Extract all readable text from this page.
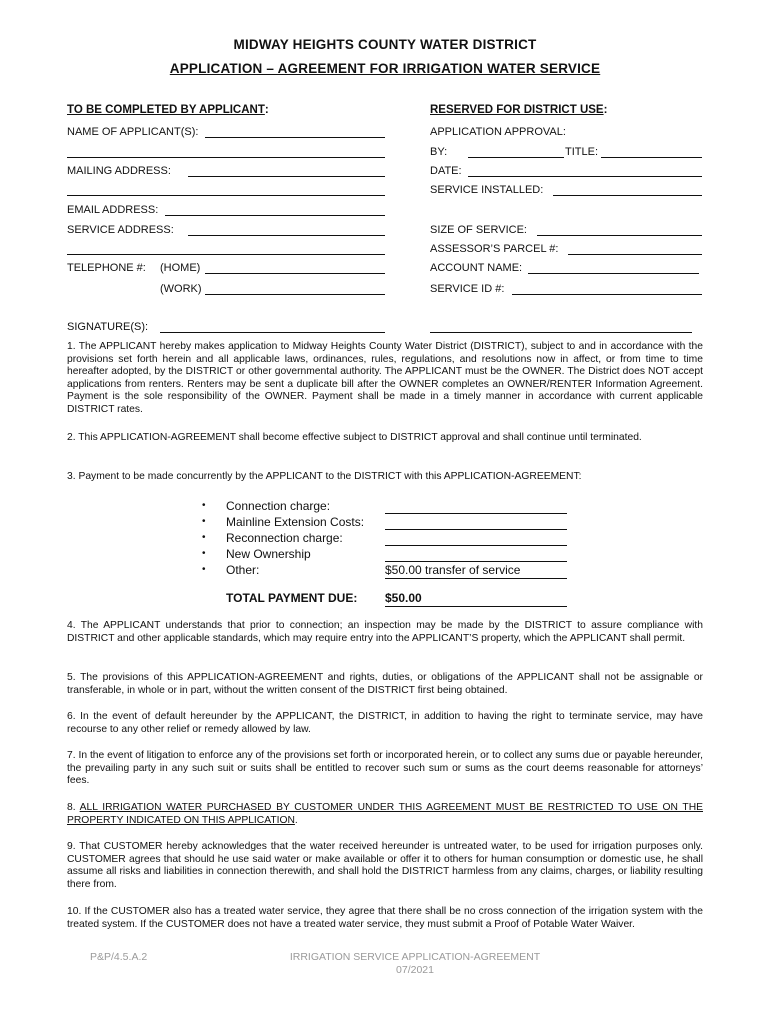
MIDWAY HEIGHTS COUNTY WATER DISTRICT
APPLICATION – AGREEMENT FOR IRRIGATION WATER SERVICE
TO BE COMPLETED BY APPLICANT:	RESERVED FOR DISTRICT USE:
NAME OF APPLICANT(S):
MAILING ADDRESS:
EMAIL ADDRESS:
SERVICE ADDRESS:
TELEPHONE #: (HOME)
(WORK)
SIGNATURE(S):
APPLICATION APPROVAL:
BY:	TITLE:
DATE:
SERVICE INSTALLED:
SIZE OF SERVICE:
ASSESSOR’S PARCEL #:
ACCOUNT NAME:
SERVICE ID #:
1. The APPLICANT hereby makes application to Midway Heights County Water District (DISTRICT), subject to and in accordance with the provisions set forth herein and all applicable laws, ordinances, rules, regulations, and resolutions now in affect, or from time to time hereafter adopted, by the DISTRICT or other governmental authority. The APPLICANT must be the OWNER. The District does NOT accept applications from renters. Renters may be sent a duplicate bill after the OWNER completes an OWNER/RENTER Information Agreement. Payment is the sole responsibility of the OWNER. Payment shall be made in a timely manner in accordance with current applicable DISTRICT rates.
2. This APPLICATION-AGREEMENT shall become effective subject to DISTRICT approval and shall continue until terminated.
3. Payment to be made concurrently by the APPLICANT to the DISTRICT with this APPLICATION-AGREEMENT:
• Connection charge:
• Mainline Extension Costs:
• Reconnection charge:
• New Ownership
• Other:	$50.00 transfer of service
TOTAL PAYMENT DUE: $50.00
4. The APPLICANT understands that prior to connection; an inspection may be made by the DISTRICT to assure compliance with DISTRICT and other applicable standards, which may require entry into the APPLICANT’S property, which the APPLICANT shall permit.
5. The provisions of this APPLICATION-AGREEMENT and rights, duties, or obligations of the APPLICANT shall not be assignable or transferable, in whole or in part, without the written consent of the DISTRICT first being obtained.
6. In the event of default hereunder by the APPLICANT, the DISTRICT, in addition to having the right to terminate service, may have recourse to any other relief or remedy allowed by law.
7. In the event of litigation to enforce any of the provisions set forth or incorporated herein, or to collect any sums due or payable hereunder, the prevailing party in any such suit or suits shall be entitled to recover such sum or sums as the court deems reasonable for attorneys’ fees.
8. ALL IRRIGATION WATER PURCHASED BY CUSTOMER UNDER THIS AGREEMENT MUST BE RESTRICTED TO USE ON THE PROPERTY INDICATED ON THIS APPLICATION.
9. That CUSTOMER hereby acknowledges that the water received hereunder is untreated water, to be used for irrigation purposes only. CUSTOMER agrees that should he use said water or make available or offer it to others for human consumption or domestic use, he shall assume all risks and liabilities in connection therewith, and shall hold the DISTRICT harmless from any claims, charges, or liability resulting there from.
10. If the CUSTOMER also has a treated water service, they agree that there shall be no cross connection of the irrigation system with the treated system. If the CUSTOMER does not have a treated water service, they must submit a Proof of Potable Water Waiver.
P&P/4.5.A.2	IRRIGATION SERVICE APPLICATION-AGREEMENT
07/2021
